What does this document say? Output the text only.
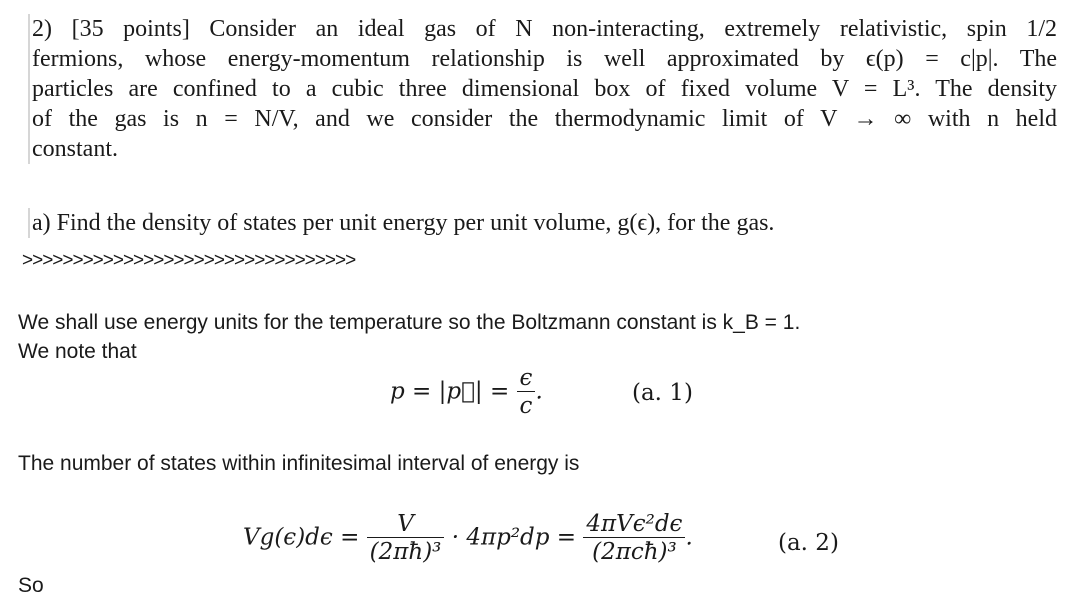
2) [35 points] Consider an ideal gas of N non-interacting, extremely relativistic, spin 1/2
fermions, whose energy-momentum relationship is well approximated by ϵ(p) = c|p|. The
particles are confined to a cubic three dimensional box of fixed volume V = L³. The density
of the gas is n = N/V, and we consider the thermodynamic limit of V → ∞ with n held
constant.
a) Find the density of states per unit energy per unit volume, g(ϵ), for the gas.
>>>>>>>>>>>>>>>>>>>>>>>>>>>>>>>>>
We shall use energy units for the temperature so the Boltzmann constant is k_B = 1.
We note that
p = |p⃗| = $\frac{\epsilon}{c}$ .	(a. 1)
The number of states within infinitesimal interval of energy is
$Vg(\epsilon)d\epsilon = \frac{V}{\text{(2πħ)³}} \cdot 4\pi p^2dp = \frac{\text{4πVϵ²dϵ}}{\text{(2πcħ)³}}$ .	(a. 2)
So
